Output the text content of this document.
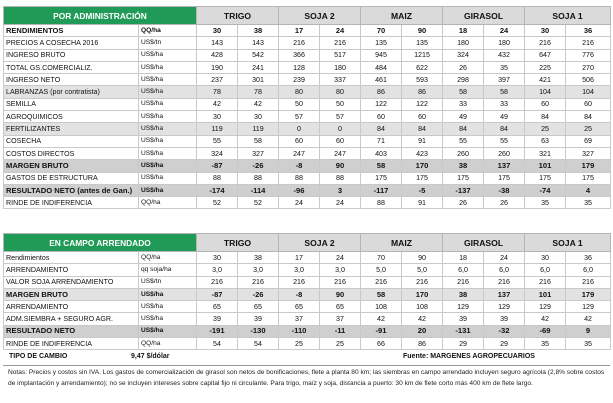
POR ADMINISTRACIÓN		TRIGO		SOJA 2		MAIZ		GIRASOL		SOJA 1	
RENDIMIENTOS	QQ/ha	30	38	17	24	70	90	18	24	30	36
PRECIOS A COSECHA 2016	US$/tn	143	143	216	216	135	135	180	180	216	216
INGRESO BRUTO	US$/ha	428	542	366	517	945	1215	324	432	647	776
TOTAL GS.COMERCIALIZ.	US$/ha	190	241	128	180	484	622	26	35	225	270
INGRESO NETO	US$/ha	237	301	239	337	461	593	298	397	421	506
LABRANZAS (por contratista)	US$/ha	78	78	80	80	86	86	58	58	104	104
SEMILLA	US$/ha	42	42	50	50	122	122	33	33	60	60
AGROQUIMICOS	US$/ha	30	30	57	57	60	60	49	49	84	84
FERTILIZANTES	US$/ha	119	119	0	0	84	84	84	84	25	25
COSECHA	US$/ha	55	58	60	60	71	91	55	55	63	69
COSTOS DIRECTOS	US$/ha	324	327	247	247	403	423	260	260	321	327
MARGEN BRUTO	US$/ha	-87	-26	-8	90	58	170	38	137	101	179
GASTOS DE ESTRUCTURA	US$/ha	88	88	88	88	175	175	175	175	175	175
RESULTADO NETO (antes de Gan.)	US$/ha	-174	-114	-96	3	-117	-5	-137	-38	-74	4
RINDE DE INDIFERENCIA	QQ/ha	52	52	24	24	88	91	26	26	35	35
EN CAMPO ARRENDADO		TRIGO		SOJA 2		MAIZ		GIRASOL		SOJA 1	
Rendimientos	QQ/ha	30	38	17	24	70	90	18	24	30	36
ARRENDAMIENTO	qq soja/ha	3,0	3,0	3,0	3,0	5,0	5,0	6,0	6,0	6,0	6,0
VALOR SOJA ARRENDAMIENTO	US$/tn	216	216	216	216	216	216	216	216	216	216
MARGEN BRUTO	US$/ha	-87	-26	-8	90	58	170	38	137	101	179
ARRENDAMIENTO	US$/ha	65	65	65	65	108	108	129	129	129	129
ADM.SIEMBRA + SEGURO AGR.	US$/ha	39	39	37	37	42	42	39	39	42	42
RESULTADO NETO	US$/ha	-191	-130	-110	-11	-91	20	-131	-32	-69	9
RINDE DE INDIFERENCIA	QQ/ha	54	54	25	25	66	86	29	29	35	35
TIPO DE CAMBIO	9,47 $/dólar	Fuente: MARGENES AGROPECUARIOS
Notas: Precios y costos sin IVA. Los gastos de comercialización de girasol son netos de bonificaciones, flete a planta 80 km; las siembras en campo arrendado incluyen seguro agrícola (2,8% sobre costos de implantación y arrendamiento); no se incluyen intereses sobre capital fijo ni circulante. Para trigo, maíz y soja, distancia a puerto: 30 km de flete corto más 400 km de flete largo.
